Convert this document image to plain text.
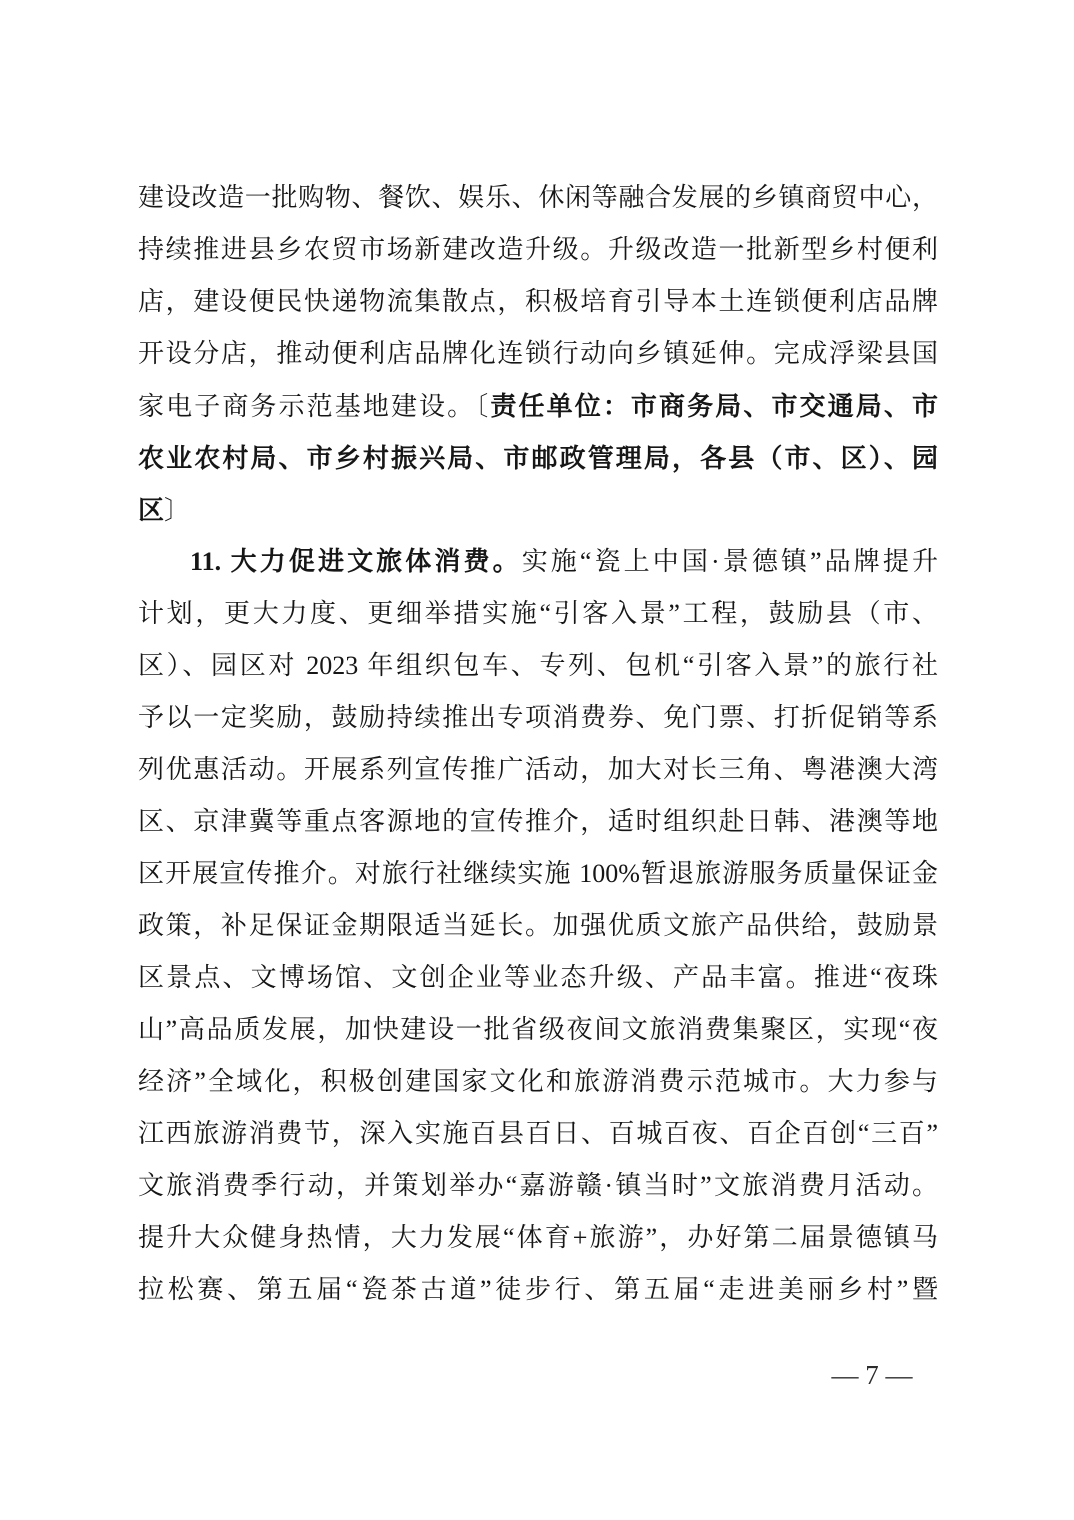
建设改造一批购物、餐饮、娱乐、休闲等融合发展的乡镇商贸中心，
持续推进县乡农贸市场新建改造升级。升级改造一批新型乡村便利
店，建设便民快递物流集散点，积极培育引导本土连锁便利店品牌
开设分店，推动便利店品牌化连锁行动向乡镇延伸。完成浮梁县国
家电子商务示范基地建设。〔责任单位：市商务局、市交通局、市
农业农村局、市乡村振兴局、市邮政管理局，各县（市、区）、园
区〕
11. 大力促进文旅体消费。实施“瓷上中国·景德镇”品牌提升
计划，更大力度、更细举措实施“引客入景”工程，鼓励县（市、
区）、园区对 2023 年组织包车、专列、包机“引客入景”的旅行社
予以一定奖励，鼓励持续推出专项消费券、免门票、打折促销等系
列优惠活动。开展系列宣传推广活动，加大对长三角、粤港澳大湾
区、京津冀等重点客源地的宣传推介，适时组织赴日韩、港澳等地
区开展宣传推介。对旅行社继续实施 100%暂退旅游服务质量保证金
政策，补足保证金期限适当延长。加强优质文旅产品供给，鼓励景
区景点、文博场馆、文创企业等业态升级、产品丰富。推进“夜珠
山”高品质发展，加快建设一批省级夜间文旅消费集聚区，实现“夜
经济”全域化，积极创建国家文化和旅游消费示范城市。大力参与
江西旅游消费节，深入实施百县百日、百城百夜、百企百创“三百”
文旅消费季行动，并策划举办“嘉游赣·镇当时”文旅消费月活动。
提升大众健身热情，大力发展“体育+旅游”，办好第二届景德镇马
拉松赛、第五届“瓷茶古道”徒步行、第五届“走进美丽乡村”暨
— 7 —
